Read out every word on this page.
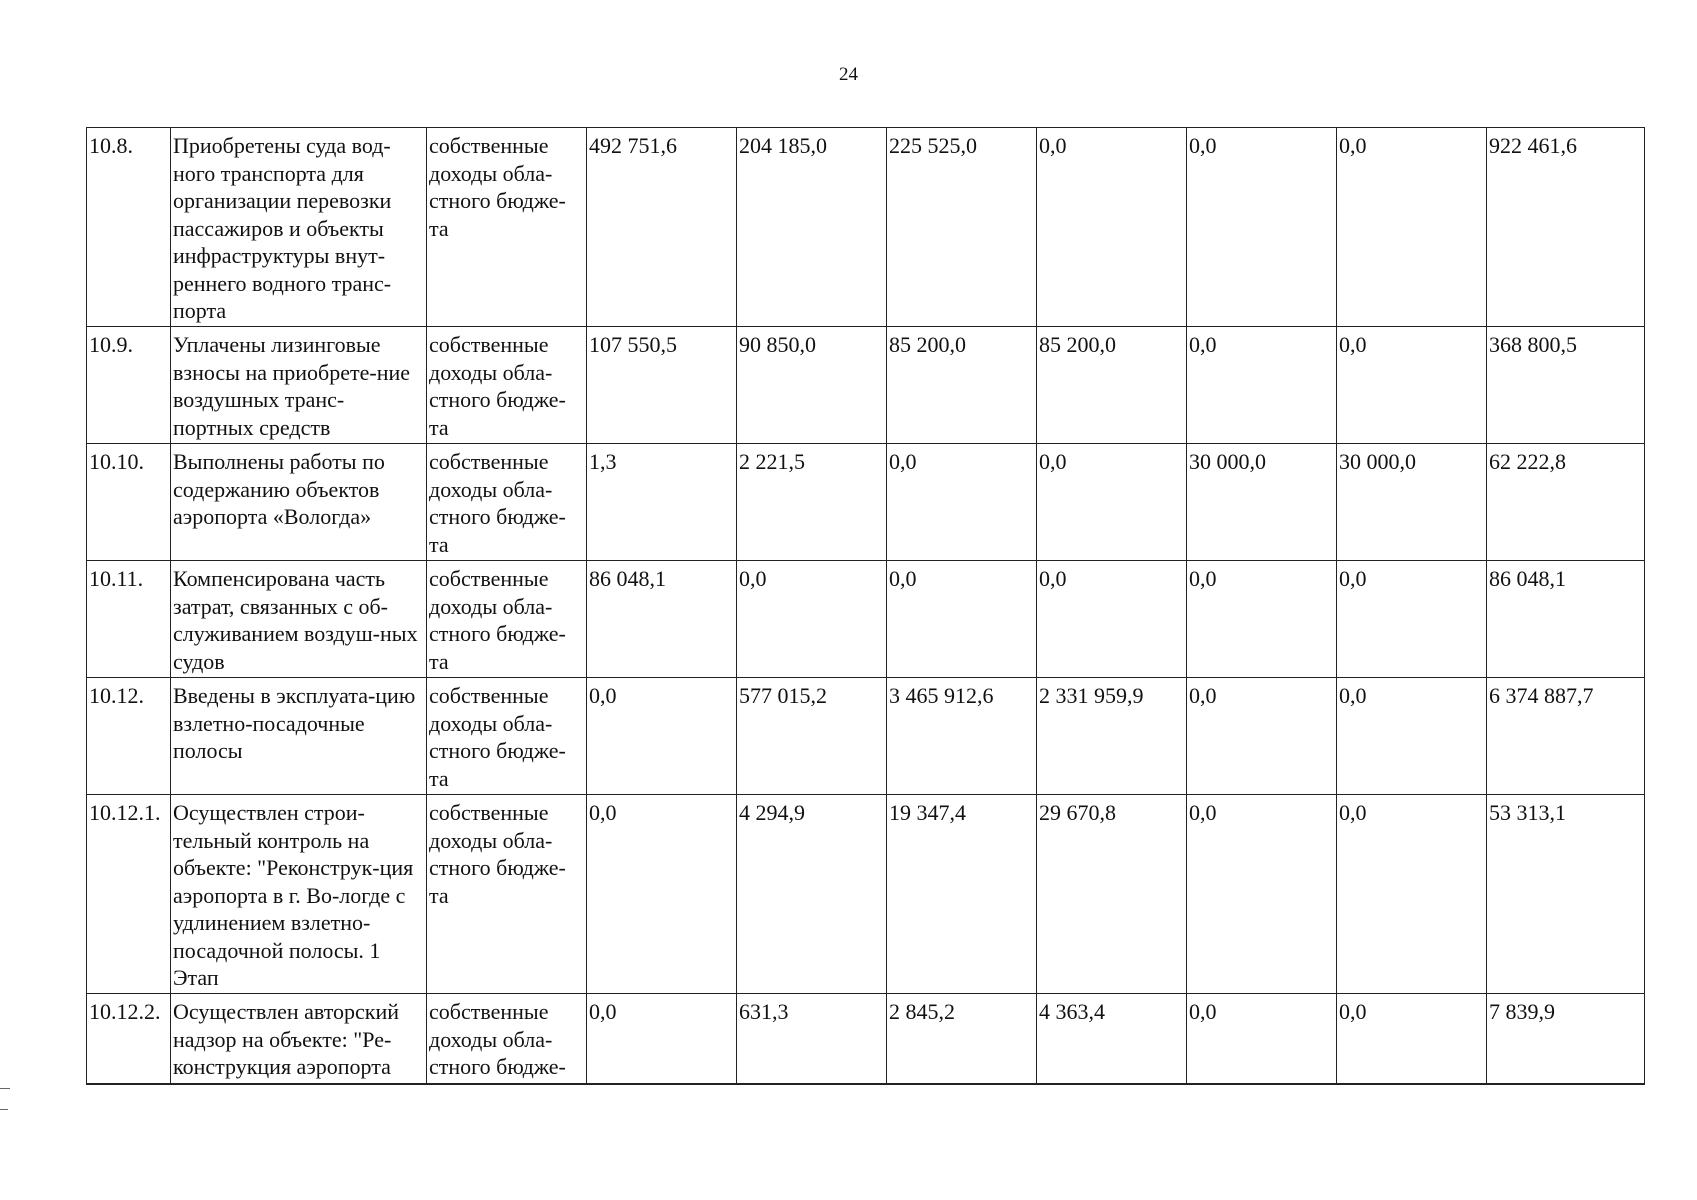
24
10.8.	Приобретены суда вод-ного транспорта для организации перевозки пассажиров и объекты инфраструктуры внут-реннего водного транс-порта	собственные доходы обла-стного бюдже-та	492 751,6	204 185,0	225 525,0	0,0	0,0	0,0	922 461,6
10.9.	Уплачены лизинговые взносы на приобрете-ние воздушных транс-портных средств	собственные доходы обла-стного бюдже-та	107 550,5	90 850,0	85 200,0	85 200,0	0,0	0,0	368 800,5
10.10.	Выполнены работы по содержанию объектов аэропорта «Вологда»	собственные доходы обла-стного бюдже-та	1,3	2 221,5	0,0	0,0	30 000,0	30 000,0	62 222,8
10.11.	Компенсирована часть затрат, связанных с об-служиванием воздуш-ных судов	собственные доходы обла-стного бюдже-та	86 048,1	0,0	0,0	0,0	0,0	0,0	86 048,1
10.12.	Введены в эксплуата-цию взлетно-посадочные полосы	собственные доходы обла-стного бюдже-та	0,0	577 015,2	3 465 912,6	2 331 959,9	0,0	0,0	6 374 887,7
10.12.1.	Осуществлен строи-тельный контроль на объекте: "Реконструк-ция аэропорта в г. Во-логде с удлинением взлетно-посадочной полосы. 1 Этап	собственные доходы обла-стного бюдже-та	0,0	4 294,9	19 347,4	29 670,8	0,0	0,0	53 313,1
10.12.2.	Осуществлен авторский надзор на объекте: "Ре-конструкция аэропорта	собственные доходы обла-стного бюдже-	0,0	631,3	2 845,2	4 363,4	0,0	0,0	7 839,9
